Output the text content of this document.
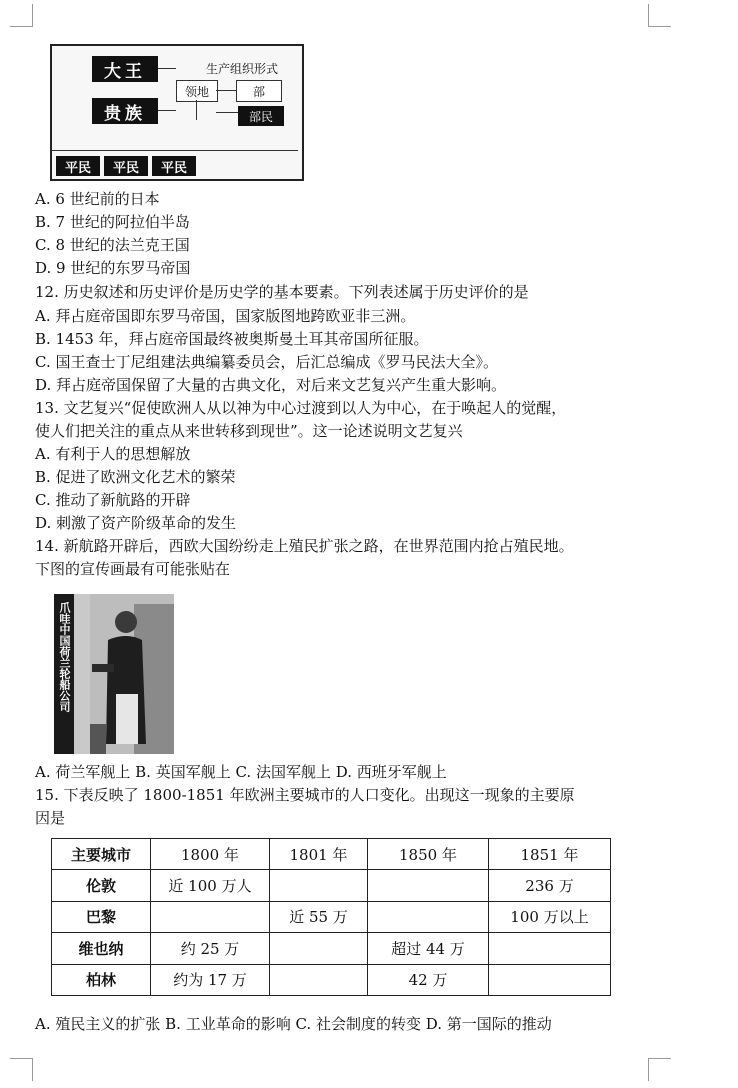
大王
贵族
生产组织形式
领地	部
部民
平民	平民	平民
A. 6 世纪前的日本
B. 7 世纪的阿拉伯半岛
C. 8 世纪的法兰克王国
D. 9 世纪的东罗马帝国
12. 历史叙述和历史评价是历史学的基本要素。下列表述属于历史评价的是
A. 拜占庭帝国即东罗马帝国，国家版图地跨欧亚非三洲。
B. 1453 年，拜占庭帝国最终被奥斯曼土耳其帝国所征服。
C. 国王查士丁尼组建法典编纂委员会，后汇总编成《罗马民法大全》。
D. 拜占庭帝国保留了大量的古典文化，对后来文艺复兴产生重大影响。
13. 文艺复兴“促使欧洲人从以神为中心过渡到以人为中心，在于唤起人的觉醒，
使人们把关注的重点从来世转移到现世”。这一论述说明文艺复兴
A. 有利于人的思想解放
B. 促进了欧洲文化艺术的繁荣
C. 推动了新航路的开辟
D. 刺激了资产阶级革命的发生
14. 新航路开辟后，西欧大国纷纷走上殖民扩张之路，在世界范围内抢占殖民地。
下图的宣传画最有可能张贴在
爪哇中国荷兰轮船公司
A. 荷兰军舰上 B. 英国军舰上 C. 法国军舰上 D. 西班牙军舰上
15. 下表反映了 1800-1851 年欧洲主要城市的人口变化。出现这一现象的主要原
因是
主要城市	1800 年	1801 年	1850 年	1851 年
伦敦	近 100 万人			236 万
巴黎		近 55 万		100 万以上
维也纳	约 25 万		超过 44 万	
柏林	约为 17 万		42 万	
A. 殖民主义的扩张 B. 工业革命的影响 C. 社会制度的转变 D. 第一国际的推动
